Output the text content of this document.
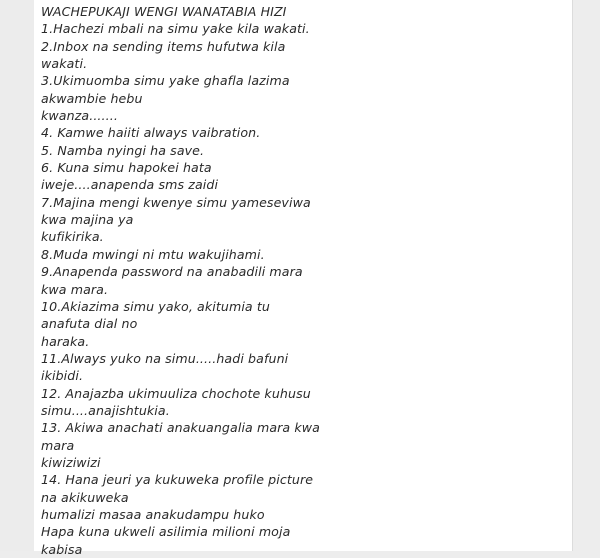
WACHEPUKAJI WENGI WANATABIA HIZI
1.Hachezi mbali na simu yake kila wakati.
2.Inbox na sending items hufutwa kila
wakati.
3.Ukimuomba simu yake ghafla lazima
akwambie hebu
kwanza.......
4. Kamwe haiiti always vaibration.
5. Namba nyingi ha save.
6. Kuna simu hapokei hata
iweje....anapenda sms zaidi
7.Majina mengi kwenye simu yameseviwa
kwa majina ya
kufikirika.
8.Muda mwingi ni mtu wakujihami.
9.Anapenda password na anabadili mara
kwa mara.
10.Akiazima simu yako, akitumia tu
anafuta dial no
haraka.
11.Always yuko na simu.....hadi bafuni
ikibidi.
12. Anajazba ukimuuliza chochote kuhusu
simu....anajishtukia.
13. Akiwa anachati anakuangalia mara kwa
mara
kiwiziwizi
14. Hana jeuri ya kukuweka profile picture
na akikuweka
humalizi masaa anakudampu huko
Hapa kuna ukweli asilimia milioni moja
kabisa
